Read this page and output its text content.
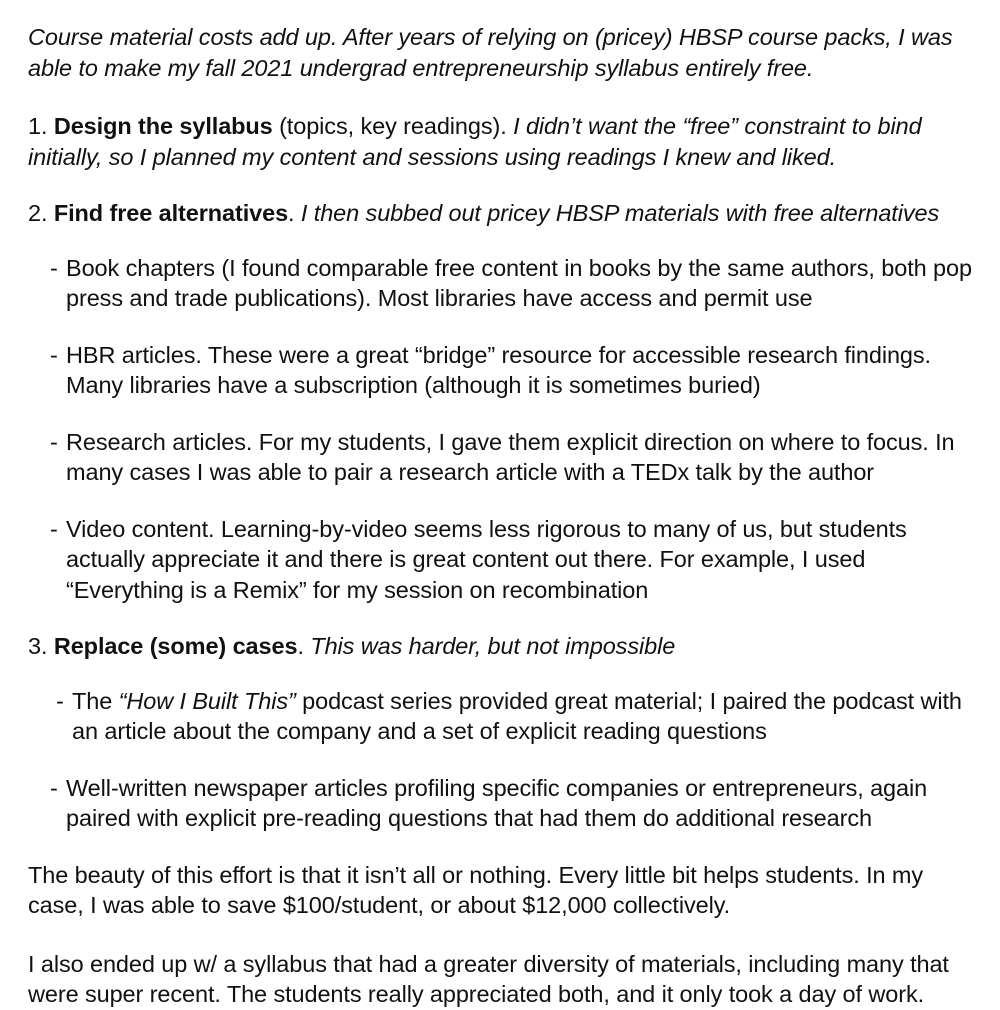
Course material costs add up. After years of relying on (pricey) HBSP course packs, I was able to make my fall 2021 undergrad entrepreneurship syllabus entirely free.

1. Design the syllabus (topics, key readings). I didn’t want the “free” constraint to bind initially, so I planned my content and sessions using readings I knew and liked.

2. Find free alternatives. I then subbed out pricey HBSP materials with free alternatives

- Book chapters (I found comparable free content in books by the same authors, both pop press and trade publications). Most libraries have access and permit use

- HBR articles. These were a great “bridge” resource for accessible research findings. Many libraries have a subscription (although it is sometimes buried)

- Research articles. For my students, I gave them explicit direction on where to focus. In many cases I was able to pair a research article with a TEDx talk by the author

- Video content. Learning-by-video seems less rigorous to many of us, but students actually appreciate it and there is great content out there. For example, I used “Everything is a Remix” for my session on recombination

3. Replace (some) cases. This was harder, but not impossible

- The “How I Built This” podcast series provided great material; I paired the podcast with an article about the company and a set of explicit reading questions

- Well-written newspaper articles profiling specific companies or entrepreneurs, again paired with explicit pre-reading questions that had them do additional research

The beauty of this effort is that it isn’t all or nothing. Every little bit helps students. In my case, I was able to save $100/student, or about $12,000 collectively.

I also ended up w/ a syllabus that had a greater diversity of materials, including many that were super recent. The students really appreciated both, and it only took a day of work.
